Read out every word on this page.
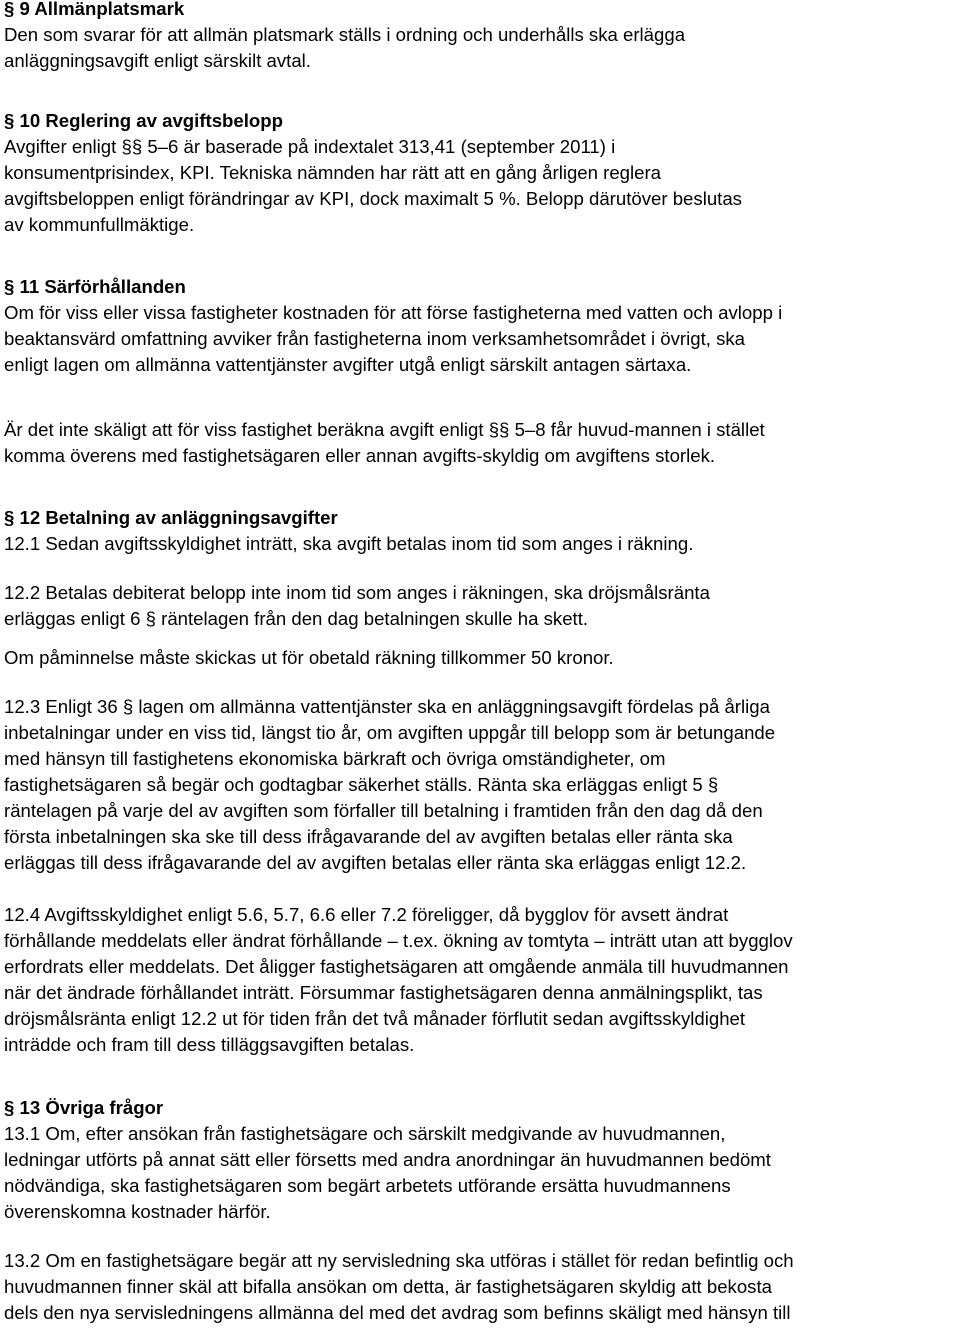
§ 9 Allmänplatsmark
Den som svarar för att allmän platsmark ställs i ordning och underhålls ska erlägga
anläggningsavgift enligt särskilt avtal.
§ 10 Reglering av avgiftsbelopp
Avgifter enligt §§ 5–6 är baserade på indextalet 313,41 (september 2011) i
konsumentprisindex, KPI. Tekniska nämnden har rätt att en gång årligen reglera
avgiftsbeloppen enligt förändringar av KPI, dock maximalt 5 %. Belopp därutöver beslutas
av kommunfullmäktige.
§ 11 Särförhållanden
Om för viss eller vissa fastigheter kostnaden för att förse fastigheterna med vatten och avlopp i
beaktansvärd omfattning avviker från fastigheterna inom verksamhetsområdet i övrigt, ska
enligt lagen om allmänna vattentjänster avgifter utgå enligt särskilt antagen särtaxa.
Är det inte skäligt att för viss fastighet beräkna avgift enligt §§ 5–8 får huvud-mannen i stället
komma överens med fastighetsägaren eller annan avgifts-skyldig om avgiftens storlek.
§ 12 Betalning av anläggningsavgifter
12.1 Sedan avgiftsskyldighet inträtt, ska avgift betalas inom tid som anges i räkning.
12.2 Betalas debiterat belopp inte inom tid som anges i räkningen, ska dröjsmålsränta
erläggas enligt 6 § räntelagen från den dag betalningen skulle ha skett.
Om påminnelse måste skickas ut för obetald räkning tillkommer 50 kronor.
12.3 Enligt 36 § lagen om allmänna vattentjänster ska en anläggningsavgift fördelas på årliga
inbetalningar under en viss tid, längst tio år, om avgiften uppgår till belopp som är betungande
med hänsyn till fastighetens ekonomiska bärkraft och övriga omständigheter, om
fastighetsägaren så begär och godtagbar säkerhet ställs. Ränta ska erläggas enligt 5 §
räntelagen på varje del av avgiften som förfaller till betalning i framtiden från den dag då den
första inbetalningen ska ske till dess ifrågavarande del av avgiften betalas eller ränta ska
erläggas till dess ifrågavarande del av avgiften betalas eller ränta ska erläggas enligt 12.2.
12.4 Avgiftsskyldighet enligt 5.6, 5.7, 6.6 eller 7.2 föreligger, då bygglov för avsett ändrat
förhållande meddelats eller ändrat förhållande – t.ex. ökning av tomtyta – inträtt utan att bygglov
erfordrats eller meddelats. Det åligger fastighetsägaren att omgående anmäla till huvudmannen
när det ändrade förhållandet inträtt. Försummar fastighetsägaren denna anmälningsplikt, tas
dröjsmålsränta enligt 12.2 ut för tiden från det två månader förflutit sedan avgiftsskyldighet
inträdde och fram till dess tilläggsavgiften betalas.
§ 13 Övriga frågor
13.1 Om, efter ansökan från fastighetsägare och särskilt medgivande av huvudmannen,
ledningar utförts på annat sätt eller försetts med andra anordningar än huvudmannen bedömt
nödvändiga, ska fastighetsägaren som begärt arbetets utförande ersätta huvudmannens
överenskomna kostnader härför.
13.2 Om en fastighetsägare begär att ny servisledning ska utföras i stället för redan befintlig och
huvudmannen finner skäl att bifalla ansökan om detta, är fastighetsägaren skyldig att bekosta
dels den nya servisledningens allmänna del med det avdrag som befinns skäligt med hänsyn till
